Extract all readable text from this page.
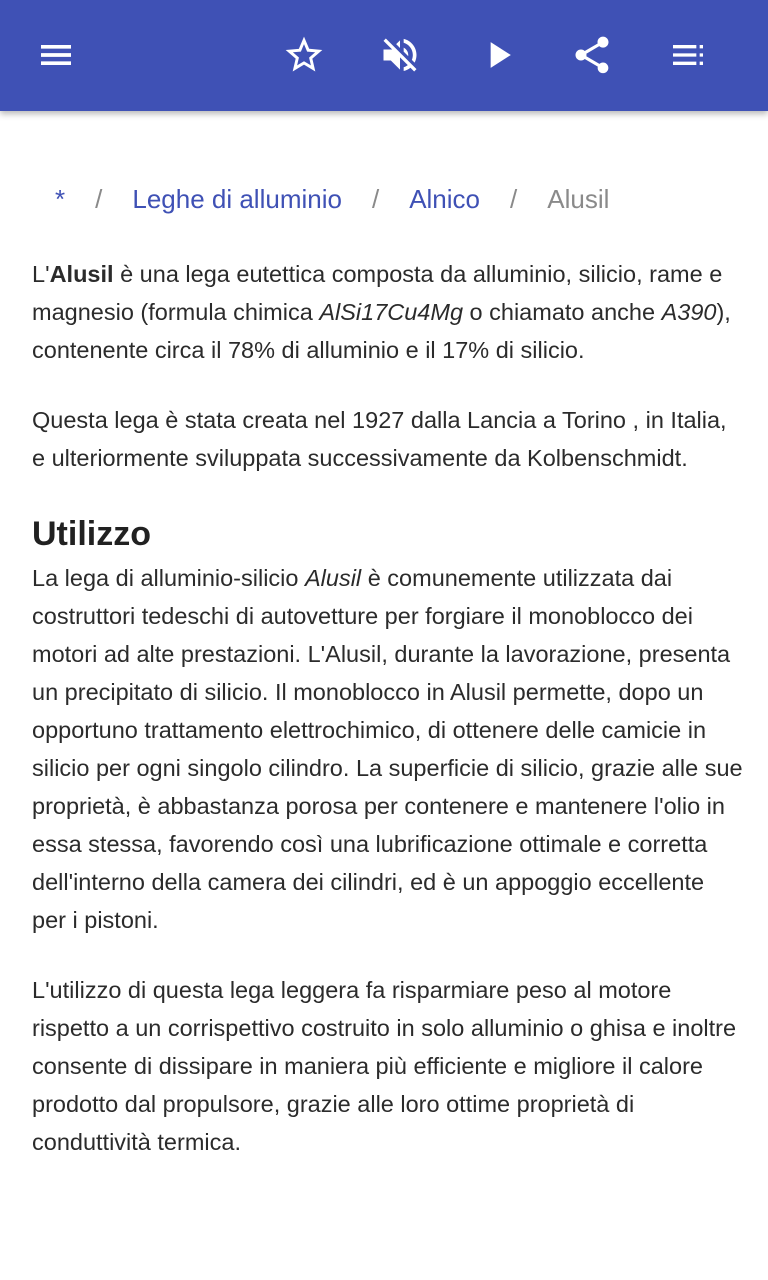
* / Leghe di alluminio / Alnico / Alusil

L'Alusil è una lega eutettica composta da alluminio, silicio, rame e magnesio (formula chimica AlSi17Cu4Mg o chiamato anche A390), contenente circa il 78% di alluminio e il 17% di silicio.

Questa lega è stata creata nel 1927 dalla Lancia a Torino , in Italia, e ulteriormente sviluppata successivamente da Kolbenschmidt.

Utilizzo

La lega di alluminio-silicio Alusil è comunemente utilizzata dai costruttori tedeschi di autovetture per forgiare il monoblocco dei motori ad alte prestazioni. L'Alusil, durante la lavorazione, presenta un precipitato di silicio. Il monoblocco in Alusil permette, dopo un opportuno trattamento elettrochimico, di ottenere delle camicie in silicio per ogni singolo cilindro. La superficie di silicio, grazie alle sue proprietà, è abbastanza porosa per contenere e mantenere l'olio in essa stessa, favorendo così una lubrificazione ottimale e corretta dell'interno della camera dei cilindri, ed è un appoggio eccellente per i pistoni.

L'utilizzo di questa lega leggera fa risparmiare peso al motore rispetto a un corrispettivo costruito in solo alluminio o ghisa e inoltre consente di dissipare in maniera più efficiente e migliore il calore prodotto dal propulsore, grazie alle loro ottime proprietà di conduttività termica.
